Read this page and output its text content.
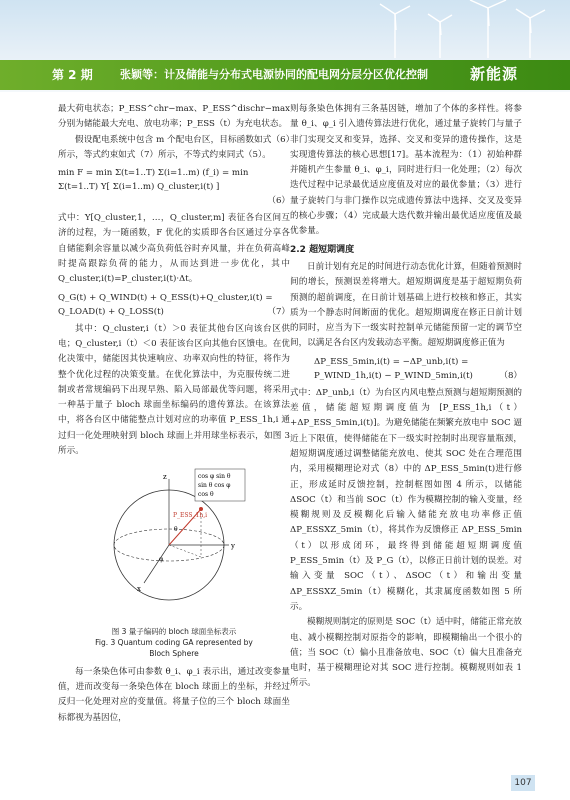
第 2 期 张颖等：计及储能与分布式电源协同的配电网分层分区优化控制	新能源

最大荷电状态；P_ESS^chr−max、P_ESS^dischr−max 分别为储能最大充电、放电功率；P_ESS（t）为充电状态。

假设配电系统中包含 m 个配电台区，目标函数如式（6）所示，等式约束如式（7）所示，不等式约束同式（5）。

min F = min Σ(t=1..T) Σ(i=1..m) (f_i) = min Σ(t=1..T) Y[ Σ(i=1..m) Q_cluster,i(t) ]
（6）

式中：Y[Q_cluster,1，…，Q_cluster,m] 表征各台区间互济的过程，为一随函数，F 优化的实质即各台区通过分享各自储能剩余容量以减少高负荷低谷时弃风量，并在负荷高峰时提高跟踪负荷的能力，从而达到进一步优化，其中 Q_cluster,i(t)=P_cluster,i(t)·Δt。

Q_G(t) + Q_WIND(t) + Q_ESS(t)+Q_cluster,i(t) =
Q_LOAD(t) + Q_LOSS(t)	（7）

其中：Q_cluster,i（t）＞0 表征其他台区向该台区供电；Q_cluster,i（t）＜0 表征该台区向其他台区馈电。在优化决策中，储能因其快速响应、功率双向性的特征，将作为整个优化过程的决策变量。在优化算法中，为克服传统二进制或者常规编码下出现早熟、陷入局部最优等问题，将采用一种基于量子 bloch 球面坐标编码的遗传算法。在该算法中，将各台区中储能整点计划对应的功率值 P_ESS_1h,i 通过归一化处理映射到 bloch 球面上并用球坐标表示，如图 3 所示。

cos φ sin θ
sin θ cos φ
cos θ
P_ESS_1h,i
z
x
y
θ
φ
图 3 量子编码的 bloch 球面坐标表示
Fig. 3 Quantum coding GA represented by
Bloch Sphere

每一条染色体可由参数 θ_i、φ_i 表示出，通过改变参量值，进而改变每一条染色体在 bloch 球面上的坐标，并经过反归一化处理对应的变量值。将量子位的三个 bloch 球面坐标都视为基因位，

则每条染色体拥有三条基因链，增加了个体的多样性。将参量 θ_i、φ_i 引入遗传算法进行优化，通过量子旋转门与量子非门实现交叉和变异，选择、交叉和变异的遗传操作，这是实现遗传算法的核心思想[17]。基本流程为：（1）初始种群并随机产生参量 θ_i、φ_i，同时进行归一化处理；（2）每次迭代过程中记录最优适应度值及对应的最优参量；（3）进行量子旋转门与非门操作以完成遗传算法中选择、交叉及变异的核心步骤；（4）完成最大迭代数并输出最优适应度值及最优参量。

2.2 超短期调度

日前计划有充足的时间进行动态优化计算，但随着预测时间的增长，预测误差将增大。超短期调度是基于超短期负荷预测的超前调度，在日前计划基础上进行校核和修正，其实质为一个静态时间断面的优化。超短期调度在修正日前计划的同时，应当为下一级实时控制单元储能预留一定的调节空间，以满足各台区内发载动态平衡。超短期调度修正值为

ΔP_ESS_5min,i(t) = −ΔP_unb,i(t) =
P_WIND_1h,i(t) − P_WIND_5min,i(t)	（8）

式中：ΔP_unb,i（t）为台区内风电整点预测与超短期预测的差值，储能超短期调度值为 [P_ESS_1h,i（t）+ΔP_ESS_5min,i(t)]。为避免储能在频繁充放电中 SOC 逼近上下限值，使得储能在下一级实时控制时出现容量瓶颈，超短期调度通过调整储能充放电、使其 SOC 处在合理范围内，采用模糊理论对式（8）中的 ΔP_ESS_5min(t)进行修正，形成延时反馈控制，控制框图如图 4 所示，以储能 ΔSOC（t）和当前 SOC（t）作为模糊控制的输入变量，经模糊规则及反模糊化后输入储能充放电功率修正值 ΔP_ESSXZ_5min（t），将其作为反馈修正 ΔP_ESS_5min（t）以形成闭环，最终得到储能超短期调度值 P_ESS_5min（t）及 P_G（t），以修正日前计划的误差。对输入变量 SOC（t）、ΔSOC（t）和输出变量 ΔP_ESSXZ_5min（t）模糊化，其隶属度函数如图 5 所示。

模糊规则制定的原则是 SOC（t）适中时，储能正常充放电、减小模糊控制对原指令的影响，即模糊输出一个很小的值；当 SOC（t）偏小且准备放电、SOC（t）偏大且准备充电时，基于模糊理论对其 SOC 进行控制。模糊规则如表 1 所示。

107
